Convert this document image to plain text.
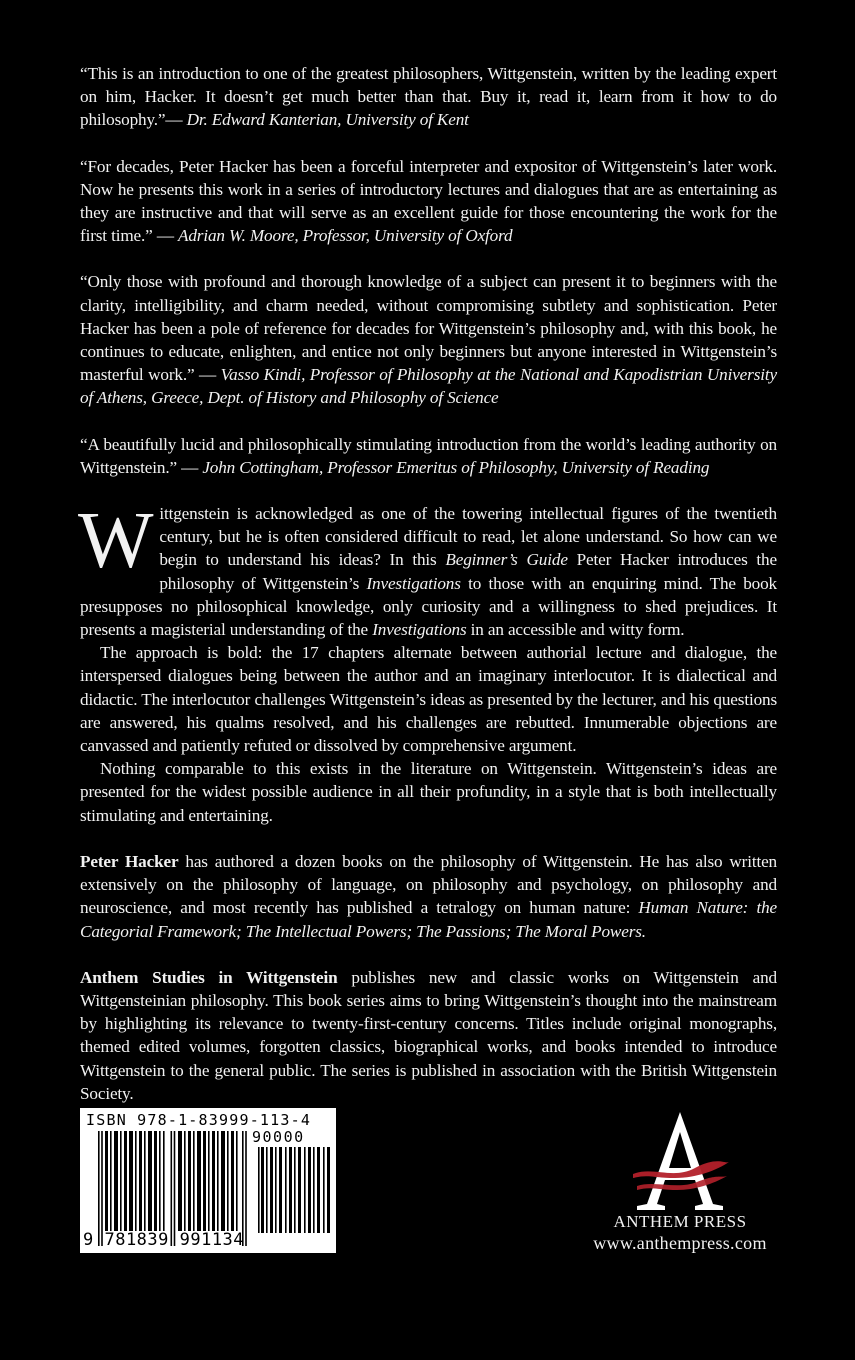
“This is an introduction to one of the greatest philosophers, Wittgenstein, written by the leading expert on him, Hacker. It doesn’t get much better than that. Buy it, read it, learn from it how to do philosophy.”— Dr. Edward Kanterian, University of Kent

“For decades, Peter Hacker has been a forceful interpreter and expositor of Wittgenstein’s later work. Now he presents this work in a series of introductory lectures and dialogues that are as entertaining as they are instructive and that will serve as an excellent guide for those encountering the work for the first time.” — Adrian W. Moore, Professor, University of Oxford

“Only those with profound and thorough knowledge of a subject can present it to beginners with the clarity, intelligibility, and charm needed, without compromising subtlety and sophistication. Peter Hacker has been a pole of reference for decades for Wittgenstein’s philosophy and, with this book, he continues to educate, enlighten, and entice not only beginners but anyone interested in Wittgenstein’s masterful work.” — Vasso Kindi, Professor of Philosophy at the National and Kapodistrian University of Athens, Greece, Dept. of History and Philosophy of Science

“A beautifully lucid and philosophically stimulating introduction from the world’s leading authority on Wittgenstein.” — John Cottingham, Professor Emeritus of Philosophy, University of Reading

Wittgenstein is acknowledged as one of the towering intellectual figures of the twentieth century, but he is often considered difficult to read, let alone understand. So how can we begin to understand his ideas? In this Beginner’s Guide Peter Hacker introduces the philosophy of Wittgenstein’s Investigations to those with an enquiring mind. The book presupposes no philosophical knowledge, only curiosity and a willingness to shed prejudices. It presents a magisterial understanding of the Investigations in an accessible and witty form.

The approach is bold: the 17 chapters alternate between authorial lecture and dialogue, the interspersed dialogues being between the author and an imaginary interlocutor. It is dialectical and didactic. The interlocutor challenges Wittgenstein’s ideas as presented by the lecturer, and his questions are answered, his qualms resolved, and his challenges are rebutted. Innumerable objections are canvassed and patiently refuted or dissolved by comprehensive argument.

Nothing comparable to this exists in the literature on Wittgenstein. Wittgenstein’s ideas are presented for the widest possible audience in all their profundity, in a style that is both intellectually stimulating and entertaining.

Peter Hacker has authored a dozen books on the philosophy of Wittgenstein. He has also written extensively on the philosophy of language, on philosophy and psychology, on philosophy and neuroscience, and most recently has published a tetralogy on human nature: Human Nature: the Categorial Framework; The Intellectual Powers; The Passions; The Moral Powers.

Anthem Studies in Wittgenstein publishes new and classic works on Wittgenstein and Wittgensteinian philosophy. This book series aims to bring Wittgenstein’s thought into the mainstream by highlighting its relevance to twenty-first-century concerns. Titles include original monographs, themed edited volumes, forgotten classics, biographical works, and books intended to introduce Wittgenstein to the general public. The series is published in association with the British Wittgenstein Society.

ISBN 978-1-83999-113-4
90000
9 781839 991134
ANTHEM PRESS
www.anthempress.com
